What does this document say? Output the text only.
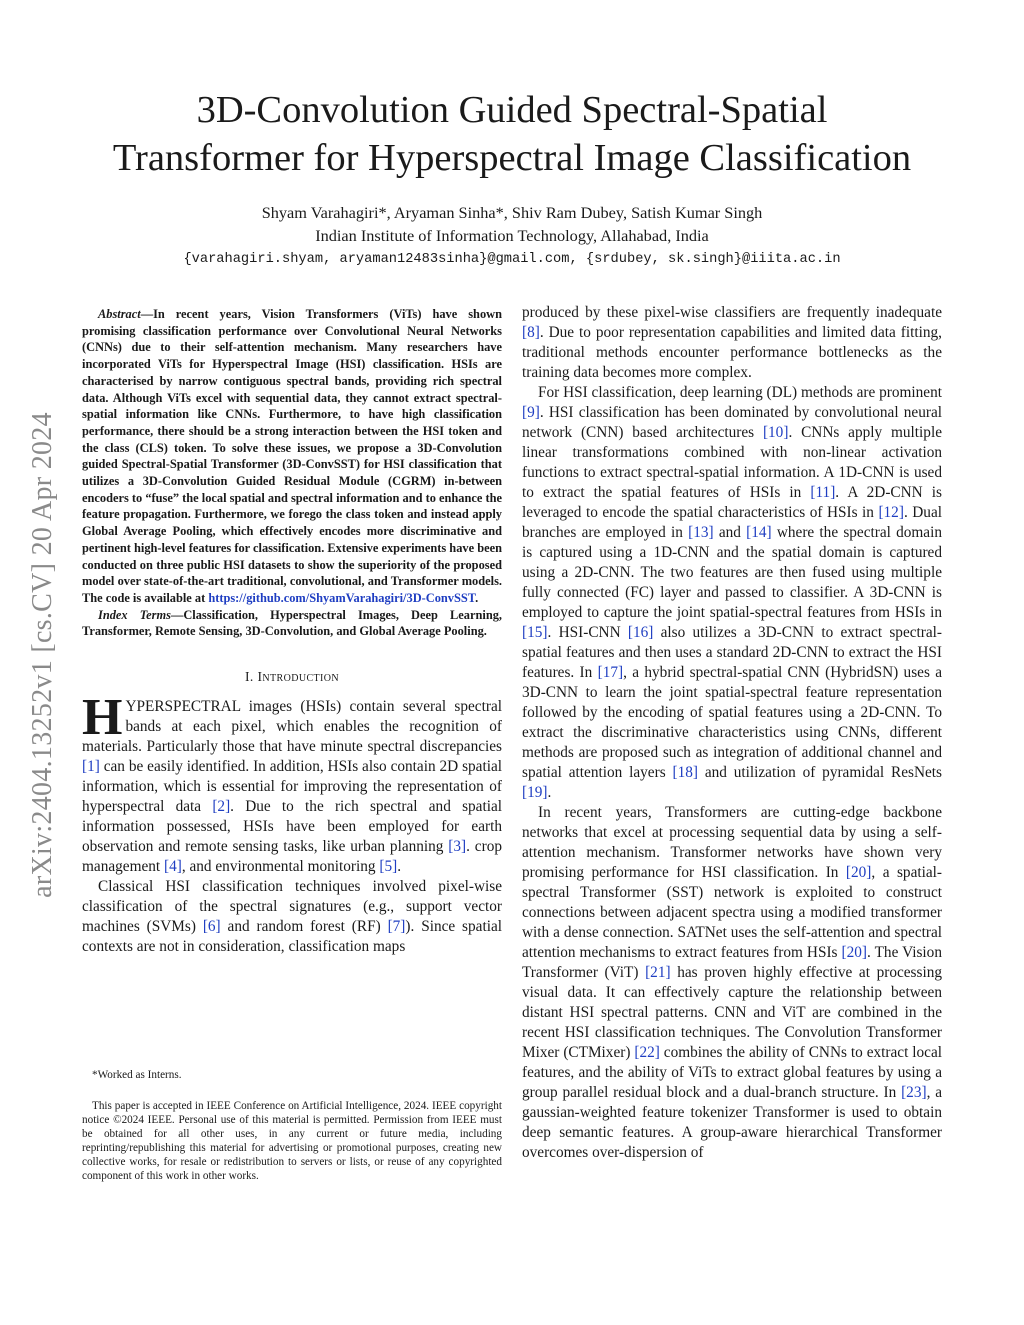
arXiv:2404.13252v1 [cs.CV] 20 Apr 2024
3D-Convolution Guided Spectral-Spatial
Transformer for Hyperspectral Image Classification
Shyam Varahagiri*, Aryaman Sinha*, Shiv Ram Dubey, Satish Kumar Singh
Indian Institute of Information Technology, Allahabad, India
{varahagiri.shyam, aryaman12483sinha}@gmail.com, {srdubey, sk.singh}@iiita.ac.in

Abstract—In recent years, Vision Transformers (ViTs) have shown promising classification performance over Convolutional Neural Networks (CNNs) due to their self-attention mechanism. Many researchers have incorporated ViTs for Hyperspectral Image (HSI) classification. HSIs are characterised by narrow contiguous spectral bands, providing rich spectral data. Although ViTs excel with sequential data, they cannot extract spectral-spatial information like CNNs. Furthermore, to have high classification performance, there should be a strong interaction between the HSI token and the class (CLS) token. To solve these issues, we propose a 3D-Convolution guided Spectral-Spatial Transformer (3D-ConvSST) for HSI classification that utilizes a 3D-Convolution Guided Residual Module (CGRM) in-between encoders to “fuse” the local spatial and spectral information and to enhance the feature propagation. Furthermore, we forego the class token and instead apply Global Average Pooling, which effectively encodes more discriminative and pertinent high-level features for classification. Extensive experiments have been conducted on three public HSI datasets to show the superiority of the proposed model over state-of-the-art traditional, convolutional, and Transformer models. The code is available at https://github.com/ShyamVarahagiri/3D-ConvSST.

Index Terms—Classification, Hyperspectral Images, Deep Learning, Transformer, Remote Sensing, 3D-Convolution, and Global Average Pooling.

I. Introduction

HYPERSPECTRAL images (HSIs) contain several spectral bands at each pixel, which enables the recognition of materials. Particularly those that have minute spectral discrepancies [1] can be easily identified. In addition, HSIs also contain 2D spatial information, which is essential for improving the representation of hyperspectral data [2]. Due to the rich spectral and spatial information possessed, HSIs have been employed for earth observation and remote sensing tasks, like urban planning [3]. crop management [4], and environmental monitoring [5].

Classical HSI classification techniques involved pixel-wise classification of the spectral signatures (e.g., support vector machines (SVMs) [6] and random forest (RF) [7]). Since spatial contexts are not in consideration, classification maps

*Worked as Interns.
This paper is accepted in IEEE Conference on Artificial Intelligence, 2024. IEEE copyright notice ©2024 IEEE. Personal use of this material is permitted. Permission from IEEE must be obtained for all other uses, in any current or future media, including reprinting/republishing this material for advertising or promotional purposes, creating new collective works, for resale or redistribution to servers or lists, or reuse of any copyrighted component of this work in other works.

produced by these pixel-wise classifiers are frequently inadequate [8]. Due to poor representation capabilities and limited data fitting, traditional methods encounter performance bottlenecks as the training data becomes more complex.

For HSI classification, deep learning (DL) methods are prominent [9]. HSI classification has been dominated by convolutional neural network (CNN) based architectures [10]. CNNs apply multiple linear transformations combined with non-linear activation functions to extract spectral-spatial information. A 1D-CNN is used to extract the spatial features of HSIs in [11]. A 2D-CNN is leveraged to encode the spatial characteristics of HSIs in [12]. Dual branches are employed in [13] and [14] where the spectral domain is captured using a 1D-CNN and the spatial domain is captured using a 2D-CNN. The two features are then fused using multiple fully connected (FC) layer and passed to classifier. A 3D-CNN is employed to capture the joint spatial-spectral features from HSIs in [15]. HSI-CNN [16] also utilizes a 3D-CNN to extract spectral-spatial features and then uses a standard 2D-CNN to extract the HSI features. In [17], a hybrid spectral-spatial CNN (HybridSN) uses a 3D-CNN to learn the joint spatial-spectral feature representation followed by the encoding of spatial features using a 2D-CNN. To extract the discriminative characteristics using CNNs, different methods are proposed such as integration of additional channel and spatial attention layers [18] and utilization of pyramidal ResNets [19].

In recent years, Transformers are cutting-edge backbone networks that excel at processing sequential data by using a self-attention mechanism. Transformer networks have shown very promising performance for HSI classification. In [20], a spatial-spectral Transformer (SST) network is exploited to construct connections between adjacent spectra using a modified transformer with a dense connection. SATNet uses the self-attention and spectral attention mechanisms to extract features from HSIs [20]. The Vision Transformer (ViT) [21] has proven highly effective at processing visual data. It can effectively capture the relationship between distant HSI spectral patterns. CNN and ViT are combined in the recent HSI classification techniques. The Convolution Transformer Mixer (CTMixer) [22] combines the ability of CNNs to extract local features, and the ability of ViTs to extract global features by using a group parallel residual block and a dual-branch structure. In [23], a gaussian-weighted feature tokenizer Transformer is used to obtain deep semantic features. A group-aware hierarchical Transformer overcomes over-dispersion of
